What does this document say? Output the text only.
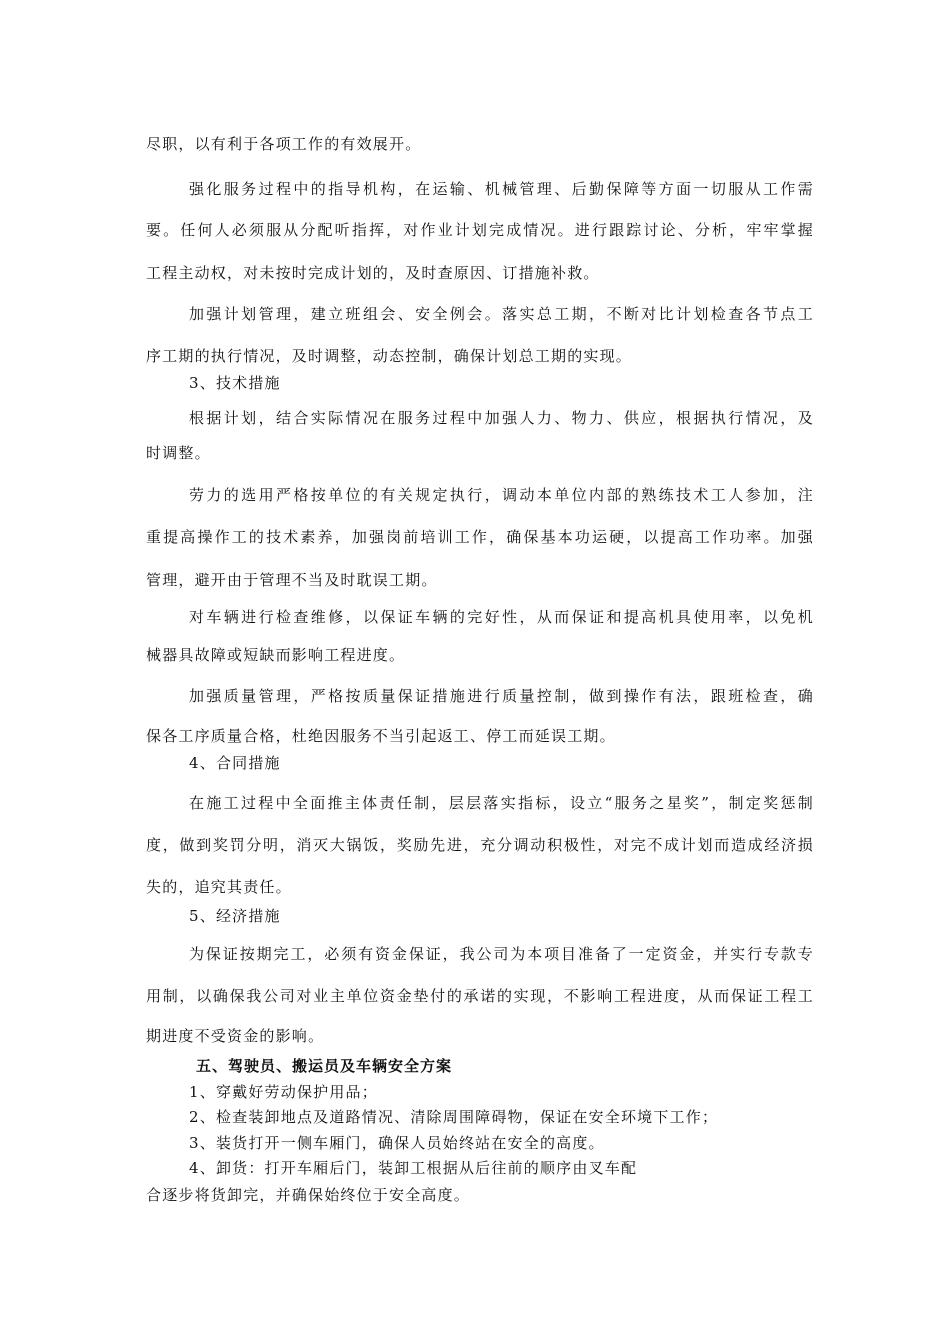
尽职，以有利于各项工作的有效展开。
强化服务过程中的指导机构，在运输、机械管理、后勤保障等方面一切服从工作需
要。任何人必须服从分配听指挥，对作业计划完成情况。进行跟踪讨论、分析，牢牢掌握
工程主动权，对未按时完成计划的，及时查原因、订措施补救。
加强计划管理，建立班组会、安全例会。落实总工期，不断对比计划检查各节点工
序工期的执行情况，及时调整，动态控制，确保计划总工期的实现。
3、技术措施
根据计划，结合实际情况在服务过程中加强人力、物力、供应，根据执行情况，及
时调整。
劳力的选用严格按单位的有关规定执行，调动本单位内部的熟练技术工人参加，注
重提高操作工的技术素养，加强岗前培训工作，确保基本功运硬，以提高工作功率。加强
管理，避开由于管理不当及时耽误工期。
对车辆进行检查维修，以保证车辆的完好性，从而保证和提高机具使用率，以免机
械器具故障或短缺而影响工程进度。
加强质量管理，严格按质量保证措施进行质量控制，做到操作有法，跟班检查，确
保各工序质量合格，杜绝因服务不当引起返工、停工而延误工期。
4、合同措施
在施工过程中全面推主体责任制，层层落实指标，设立“服务之星奖”，制定奖惩制
度，做到奖罚分明，消灭大锅饭，奖励先进，充分调动积极性，对完不成计划而造成经济损
失的，追究其责任。
5、经济措施
为保证按期完工，必须有资金保证，我公司为本项目准备了一定资金，并实行专款专
用制，以确保我公司对业主单位资金垫付的承诺的实现，不影响工程进度，从而保证工程工
期进度不受资金的影响。
五、驾驶员、搬运员及车辆安全方案
1、穿戴好劳动保护用品；
2、检查装卸地点及道路情况、清除周围障碍物，保证在安全环境下工作；
3、装货打开一侧车厢门，确保人员始终站在安全的高度。
4、卸货：打开车厢后门，装卸工根据从后往前的顺序由叉车配
合逐步将货卸完，并确保始终位于安全高度。
